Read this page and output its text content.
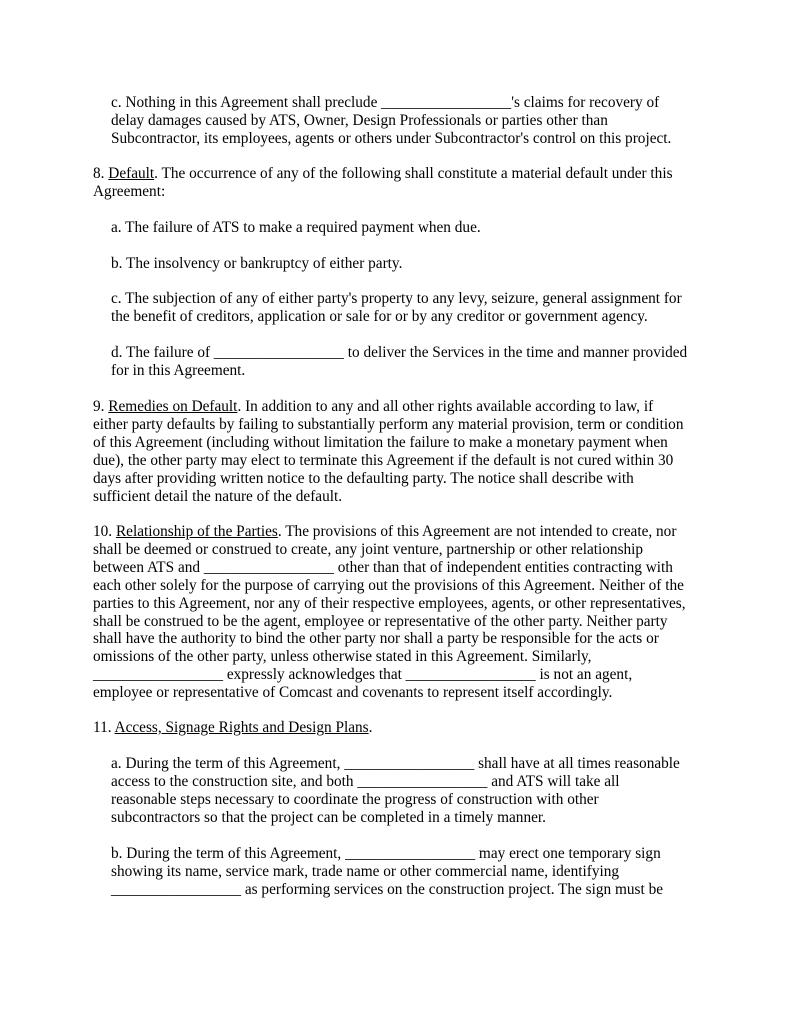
c. Nothing in this Agreement shall preclude _________________'s claims for recovery of
delay damages caused by ATS, Owner, Design Professionals or parties other than
Subcontractor, its employees, agents or others under Subcontractor's control on this project.

8. Default. The occurrence of any of the following shall constitute a material default under this
Agreement:

a. The failure of ATS to make a required payment when due.

b. The insolvency or bankruptcy of either party.

c. The subjection of any of either party's property to any levy, seizure, general assignment for
the benefit of creditors, application or sale for or by any creditor or government agency.

d. The failure of _________________ to deliver the Services in the time and manner provided
for in this Agreement.

9. Remedies on Default. In addition to any and all other rights available according to law, if
either party defaults by failing to substantially perform any material provision, term or condition
of this Agreement (including without limitation the failure to make a monetary payment when
due), the other party may elect to terminate this Agreement if the default is not cured within 30
days after providing written notice to the defaulting party. The notice shall describe with
sufficient detail the nature of the default.

10. Relationship of the Parties. The provisions of this Agreement are not intended to create, nor
shall be deemed or construed to create, any joint venture, partnership or other relationship
between ATS and _________________ other than that of independent entities contracting with
each other solely for the purpose of carrying out the provisions of this Agreement. Neither of the
parties to this Agreement, nor any of their respective employees, agents, or other representatives,
shall be construed to be the agent, employee or representative of the other party. Neither party
shall have the authority to bind the other party nor shall a party be responsible for the acts or
omissions of the other party, unless otherwise stated in this Agreement. Similarly,
_________________ expressly acknowledges that _________________ is not an agent,
employee or representative of Comcast and covenants to represent itself accordingly.

11. Access, Signage Rights and Design Plans.

a. During the term of this Agreement, _________________ shall have at all times reasonable
access to the construction site, and both _________________ and ATS will take all
reasonable steps necessary to coordinate the progress of construction with other
subcontractors so that the project can be completed in a timely manner.

b. During the term of this Agreement, _________________ may erect one temporary sign
showing its name, service mark, trade name or other commercial name, identifying
_________________ as performing services on the construction project. The sign must be
